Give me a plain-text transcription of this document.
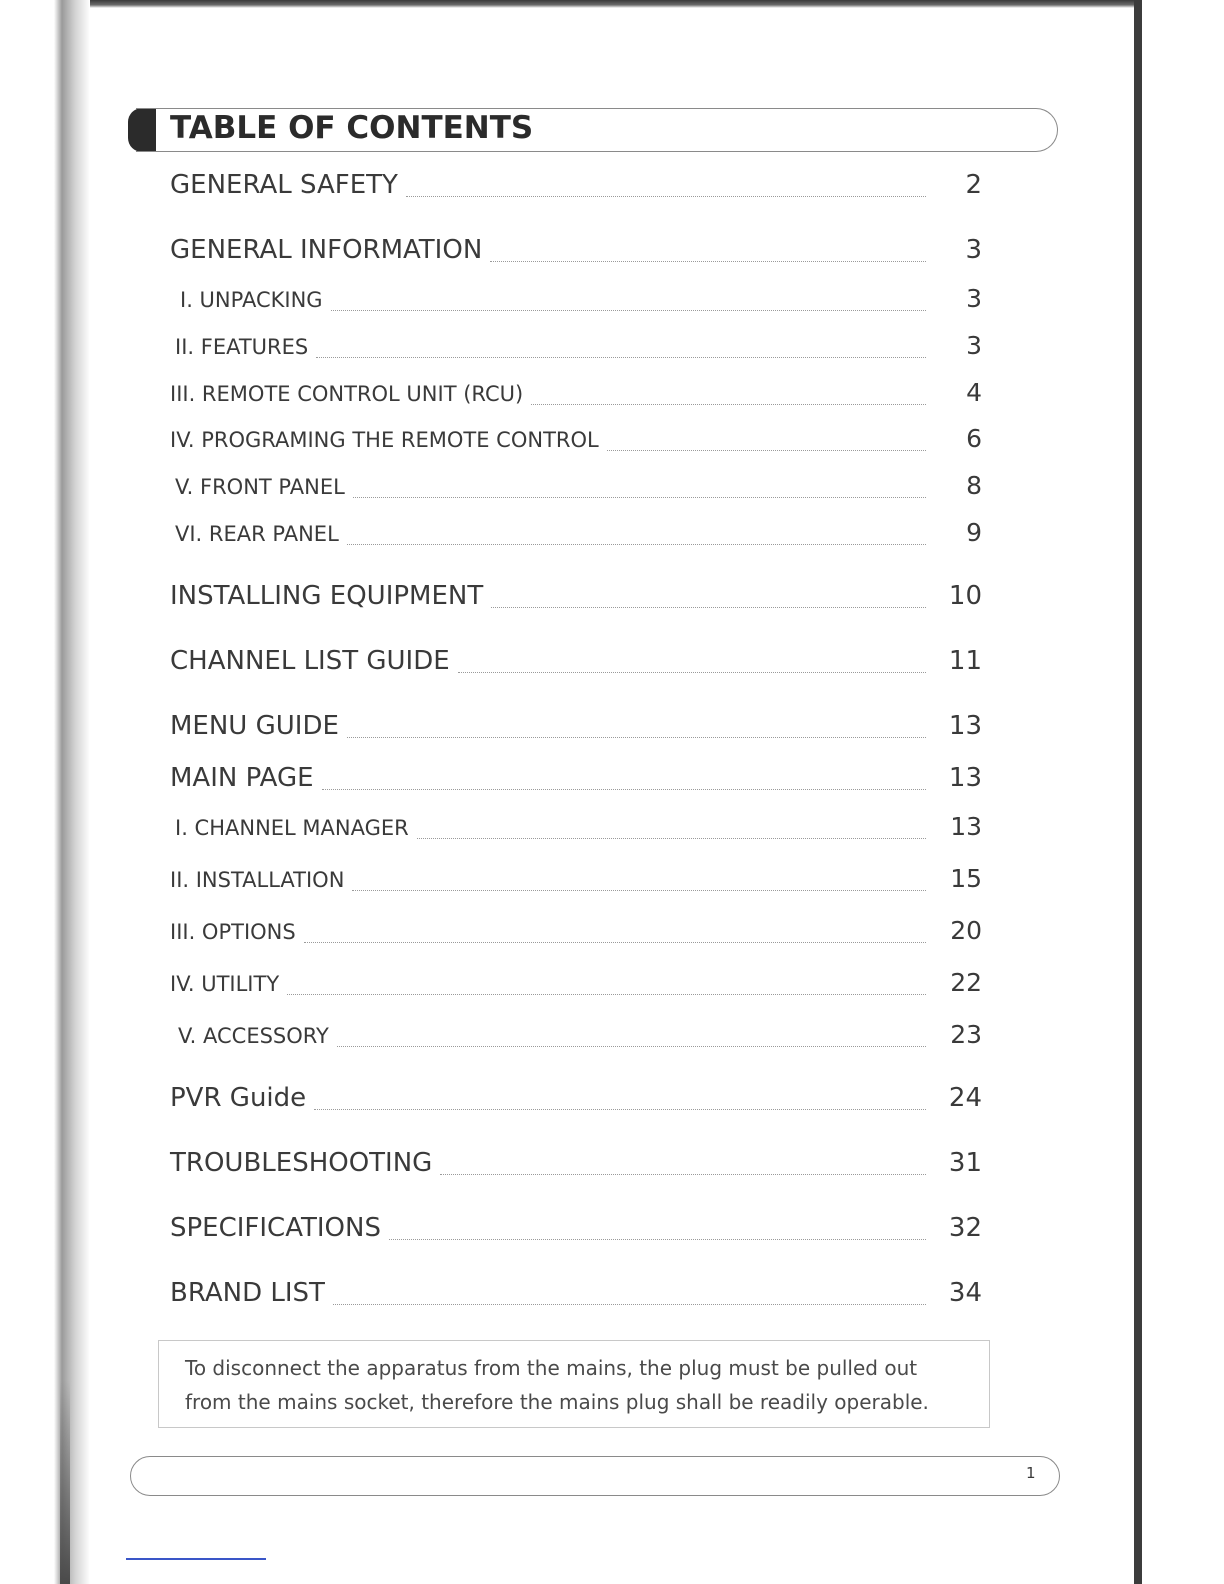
TABLE OF CONTENTS
GENERAL SAFETY	2
GENERAL INFORMATION	3
I. UNPACKING	3
II. FEATURES	3
III. REMOTE CONTROL UNIT (RCU)	4
IV. PROGRAMING THE REMOTE CONTROL	6
V. FRONT PANEL	8
VI. REAR PANEL	9
INSTALLING EQUIPMENT	10
CHANNEL LIST GUIDE	11
MENU GUIDE	13
MAIN PAGE	13
I. CHANNEL MANAGER	13
II. INSTALLATION	15
III. OPTIONS	20
IV. UTILITY	22
V. ACCESSORY	23
PVR Guide	24
TROUBLESHOOTING	31
SPECIFICATIONS	32
BRAND LIST	34
To disconnect the apparatus from the mains, the plug must be pulled out
from the mains socket, therefore the mains plug shall be readily operable.
1
